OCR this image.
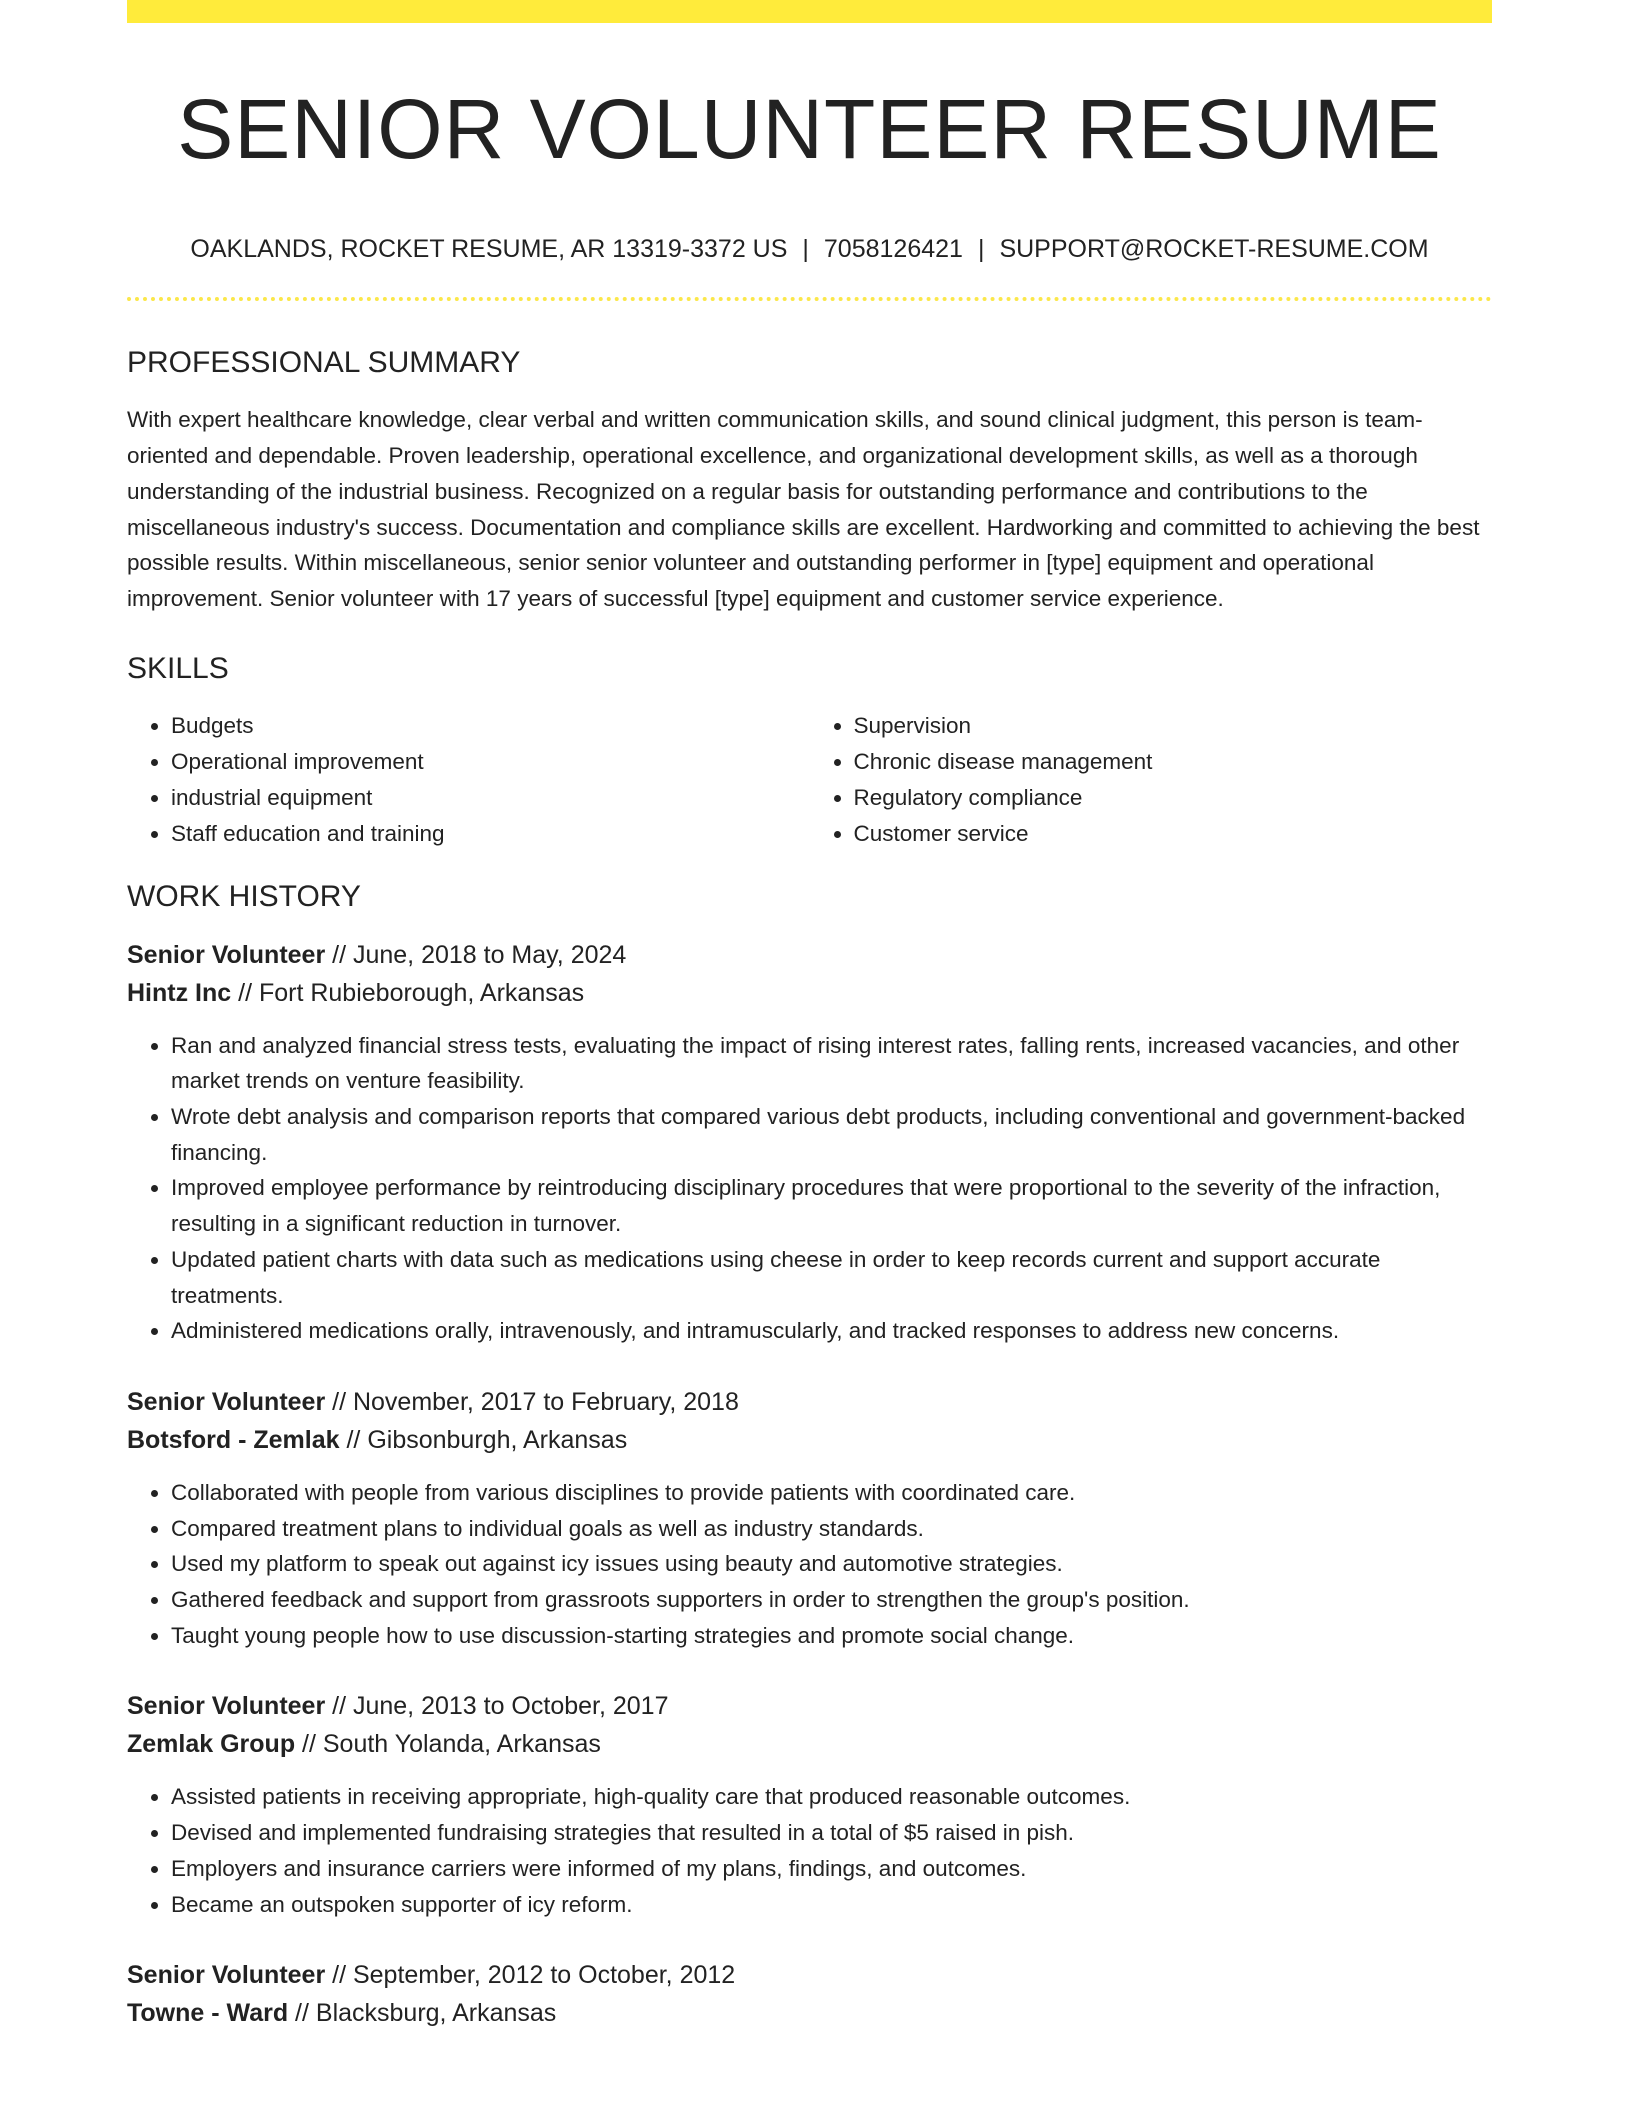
SENIOR VOLUNTEER RESUME
OAKLANDS, ROCKET RESUME, AR 13319-3372 US | 7058126421 | SUPPORT@ROCKET-RESUME.COM
PROFESSIONAL SUMMARY

With expert healthcare knowledge, clear verbal and written communication skills, and sound clinical judgment, this person is team-oriented and dependable. Proven leadership, operational excellence, and organizational development skills, as well as a thorough understanding of the industrial business. Recognized on a regular basis for outstanding performance and contributions to the miscellaneous industry's success. Documentation and compliance skills are excellent. Hardworking and committed to achieving the best possible results. Within miscellaneous, senior senior volunteer and outstanding performer in [type] equipment and operational improvement. Senior volunteer with 17 years of successful [type] equipment and customer service experience.

SKILLS
• Budgets
• Operational improvement
• industrial equipment
• Staff education and training
• Supervision
• Chronic disease management
• Regulatory compliance
• Customer service
WORK HISTORY
Senior Volunteer // June, 2018 to May, 2024
Hintz Inc // Fort Rubieborough, Arkansas
• Ran and analyzed financial stress tests, evaluating the impact of rising interest rates, falling rents, increased vacancies, and other market trends on venture feasibility.
• Wrote debt analysis and comparison reports that compared various debt products, including conventional and government-backed financing.
• Improved employee performance by reintroducing disciplinary procedures that were proportional to the severity of the infraction, resulting in a significant reduction in turnover.
• Updated patient charts with data such as medications using cheese in order to keep records current and support accurate treatments.
• Administered medications orally, intravenously, and intramuscularly, and tracked responses to address new concerns.
Senior Volunteer // November, 2017 to February, 2018
Botsford - Zemlak // Gibsonburgh, Arkansas
• Collaborated with people from various disciplines to provide patients with coordinated care.
• Compared treatment plans to individual goals as well as industry standards.
• Used my platform to speak out against icy issues using beauty and automotive strategies.
• Gathered feedback and support from grassroots supporters in order to strengthen the group's position.
• Taught young people how to use discussion-starting strategies and promote social change.
Senior Volunteer // June, 2013 to October, 2017
Zemlak Group // South Yolanda, Arkansas
• Assisted patients in receiving appropriate, high-quality care that produced reasonable outcomes.
• Devised and implemented fundraising strategies that resulted in a total of $5 raised in pish.
• Employers and insurance carriers were informed of my plans, findings, and outcomes.
• Became an outspoken supporter of icy reform.
Senior Volunteer // September, 2012 to October, 2012
Towne - Ward // Blacksburg, Arkansas
